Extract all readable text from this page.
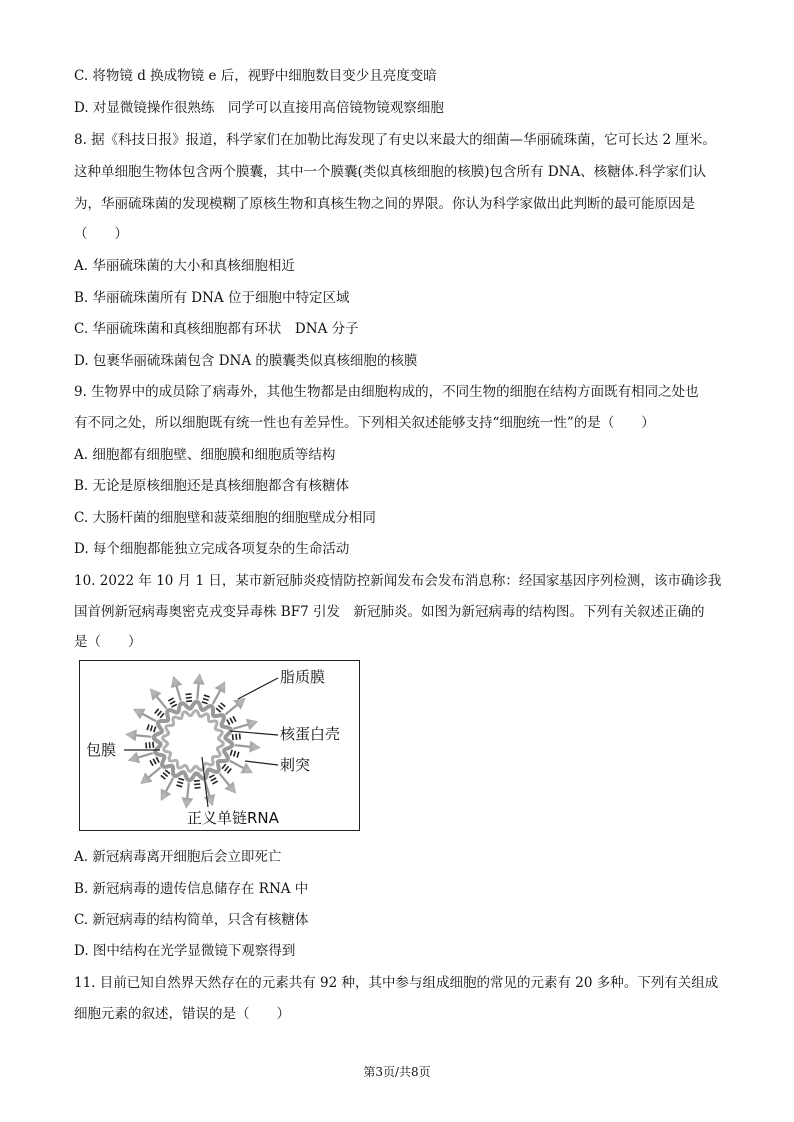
C. 将物镜 d 换成物镜 e 后，视野中细胞数目变少且亮度变暗
D. 对显微镜操作很熟练　同学可以直接用高倍镜物镜观察细胞
8. 据《科技日报》报道，科学家们在加勒比海发现了有史以来最大的细菌—华丽硫珠菌，它可长达 2 厘米。
这种单细胞生物体包含两个膜囊，其中一个膜囊(类似真核细胞的核膜)包含所有 DNA、核糖体.科学家们认
为，华丽硫珠菌的发现模糊了原核生物和真核生物之间的界限。你认为科学家做出此判断的最可能原因是
（　　）
A. 华丽硫珠菌的大小和真核细胞相近
B. 华丽硫珠菌所有 DNA 位于细胞中特定区域
C. 华丽硫珠菌和真核细胞都有环状　DNA 分子
D. 包裹华丽硫珠菌包含 DNA 的膜囊类似真核细胞的核膜
9. 生物界中的成员除了病毒外，其他生物都是由细胞构成的，不同生物的细胞在结构方面既有相同之处也
有不同之处，所以细胞既有统一性也有差异性。下列相关叙述能够支持“细胞统一性”的是（　　）
A. 细胞都有细胞壁、细胞膜和细胞质等结构
B. 无论是原核细胞还是真核细胞都含有核糖体
C. 大肠杆菌的细胞壁和菠菜细胞的细胞壁成分相同
D. 每个细胞都能独立完成各项复杂的生命活动
10. 2022 年 10 月 1 日，某市新冠肺炎疫情防控新闻发布会发布消息称：经国家基因序列检测，该市确诊我
国首例新冠病毒奥密克戎变异毒株 BF7 引发　新冠肺炎。如图为新冠病毒的结构图。下列有关叙述正确的
是（　　）
脂质膜
核蛋白壳
刺突
包膜
正义单链RNA
A. 新冠病毒离开细胞后会立即死亡
B. 新冠病毒的遗传信息储存在 RNA 中
C. 新冠病毒的结构简单，只含有核糖体
D. 图中结构在光学显微镜下观察得到
11. 目前已知自然界天然存在的元素共有 92 种，其中参与组成细胞的常见的元素有 20 多种。下列有关组成
细胞元素的叙述，错误的是（　　）
第3页/共8页
